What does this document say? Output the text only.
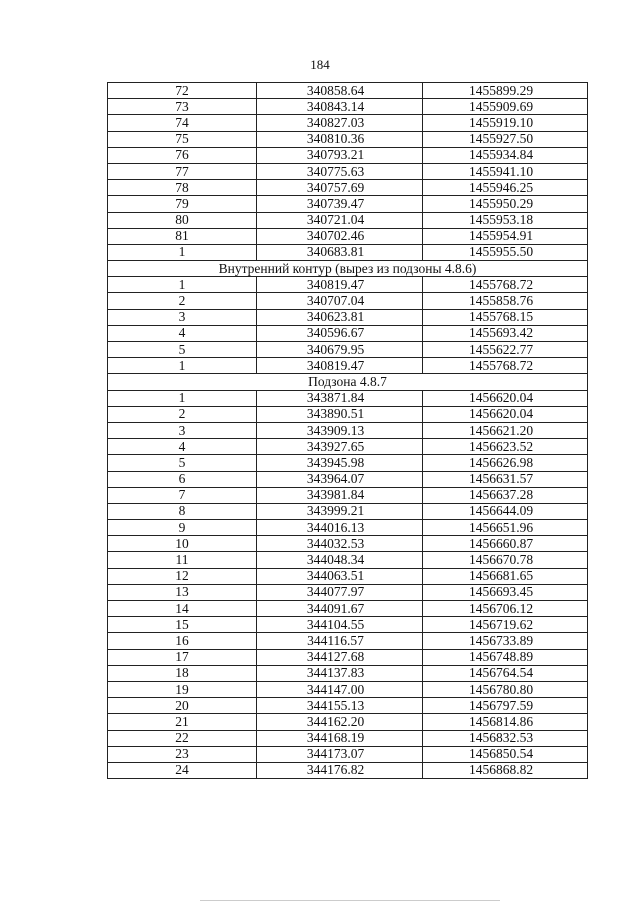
184
72	340858.64	1455899.29
73	340843.14	1455909.69
74	340827.03	1455919.10
75	340810.36	1455927.50
76	340793.21	1455934.84
77	340775.63	1455941.10
78	340757.69	1455946.25
79	340739.47	1455950.29
80	340721.04	1455953.18
81	340702.46	1455954.91
1	340683.81	1455955.50
Внутренний контур (вырез из подзоны 4.8.6)		
1	340819.47	1455768.72
2	340707.04	1455858.76
3	340623.81	1455768.15
4	340596.67	1455693.42
5	340679.95	1455622.77
1	340819.47	1455768.72
Подзона 4.8.7		
1	343871.84	1456620.04
2	343890.51	1456620.04
3	343909.13	1456621.20
4	343927.65	1456623.52
5	343945.98	1456626.98
6	343964.07	1456631.57
7	343981.84	1456637.28
8	343999.21	1456644.09
9	344016.13	1456651.96
10	344032.53	1456660.87
11	344048.34	1456670.78
12	344063.51	1456681.65
13	344077.97	1456693.45
14	344091.67	1456706.12
15	344104.55	1456719.62
16	344116.57	1456733.89
17	344127.68	1456748.89
18	344137.83	1456764.54
19	344147.00	1456780.80
20	344155.13	1456797.59
21	344162.20	1456814.86
22	344168.19	1456832.53
23	344173.07	1456850.54
24	344176.82	1456868.82
